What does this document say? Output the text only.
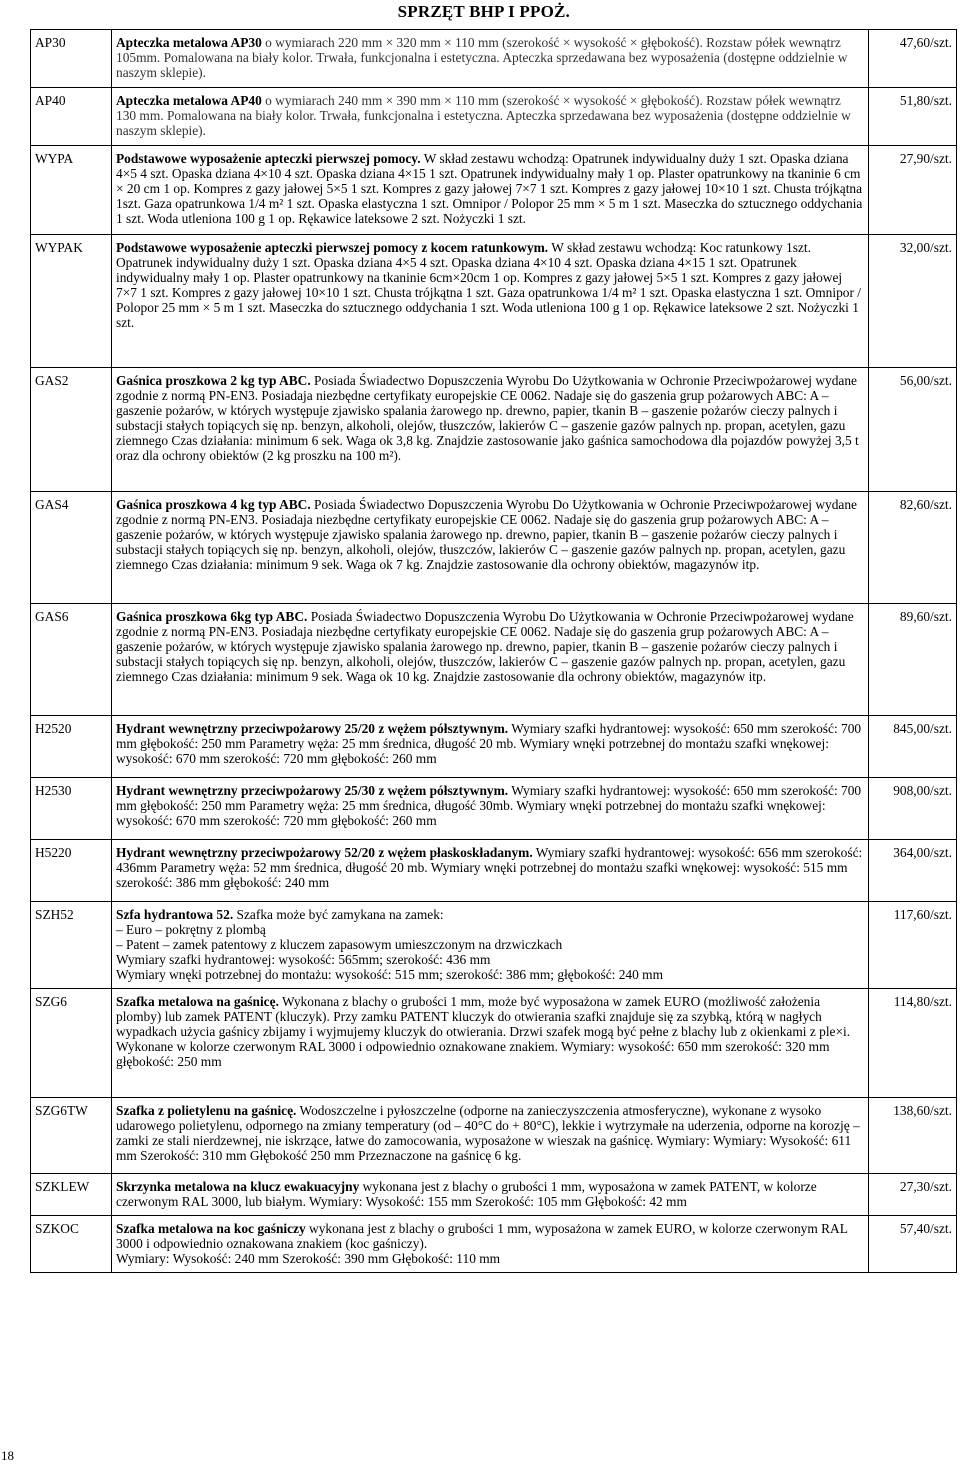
SPRZĘT BHP I PPOŻ.
AP30	Apteczka metalowa AP30 o wymiarach 220 mm × 320 mm × 110 mm (szerokość × wysokość × głębokość). Rozstaw półek wewnątrz 105mm. Pomalowana na biały kolor. Trwała, funkcjonalna i estetyczna. Apteczka sprzedawana bez wyposażenia (dostępne oddzielnie w naszym sklepie).	47,60/szt.
AP40	Apteczka metalowa AP40 o wymiarach 240 mm × 390 mm × 110 mm (szerokość × wysokość × głębokość). Rozstaw półek wewnątrz 130 mm. Pomalowana na biały kolor. Trwała, funkcjonalna i estetyczna. Apteczka sprzedawana bez wyposażenia (dostępne oddzielnie w naszym sklepie).	51,80/szt.
WYPA	Podstawowe wyposażenie apteczki pierwszej pomocy. W skład zestawu wchodzą: Opatrunek indywidualny duży 1 szt. Opaska dziana 4×5 4 szt. Opaska dziana 4×10 4 szt. Opaska dziana 4×15 1 szt. Opatrunek indywidualny mały 1 op. Plaster opatrunkowy na tkaninie 6 cm × 20 cm 1 op. Kompres z gazy jałowej 5×5 1 szt. Kompres z gazy jałowej 7×7 1 szt. Kompres z gazy jałowej 10×10 1 szt. Chusta trójkątna 1szt. Gaza opatrunkowa 1/4 m² 1 szt. Opaska elastyczna 1 szt. Omnipor / Polopor 25 mm × 5 m 1 szt. Maseczka do sztucznego oddychania 1 szt. Woda utleniona 100 g 1 op. Rękawice lateksowe 2 szt. Nożyczki 1 szt.	27,90/szt.
WYPAK	Podstawowe wyposażenie apteczki pierwszej pomocy z kocem ratunkowym. W skład zestawu wchodzą: Koc ratunkowy 1szt. Opatrunek indywidualny duży 1 szt. Opaska dziana 4×5 4 szt. Opaska dziana 4×10 4 szt. Opaska dziana 4×15 1 szt. Opatrunek indywidualny mały 1 op. Plaster opatrunkowy na tkaninie 6cm×20cm 1 op. Kompres z gazy jałowej 5×5 1 szt. Kompres z gazy jałowej 7×7 1 szt. Kompres z gazy jałowej 10×10 1 szt. Chusta trójkątna 1 szt. Gaza opatrunkowa 1/4 m² 1 szt. Opaska elastyczna 1 szt. Omnipor / Polopor 25 mm × 5 m 1 szt. Maseczka do sztucznego oddychania 1 szt. Woda utleniona 100 g 1 op. Rękawice lateksowe 2 szt. Nożyczki 1 szt.	32,00/szt.
GAS2	Gaśnica proszkowa 2 kg typ ABC. Posiada Świadectwo Dopuszczenia Wyrobu Do Użytkowania w Ochronie Przeciwpożarowej wydane zgodnie z normą PN-EN3. Posiadaja niezbędne certyfikaty europejskie CE 0062. Nadaje się do gaszenia grup pożarowych ABC: A – gaszenie pożarów, w których występuje zjawisko spalania żarowego np. drewno, papier, tkanin B – gaszenie pożarów cieczy palnych i substacji stałych topiących się np. benzyn, alkoholi, olejów, tłuszczów, lakierów C – gaszenie gazów palnych np. propan, acetylen, gazu ziemnego Czas działania: minimum 6 sek. Waga ok 3,8 kg. Znajdzie zastosowanie jako gaśnica samochodowa dla pojazdów powyżej 3,5 t oraz dla ochrony obiektów (2 kg proszku na 100 m²).	56,00/szt.
GAS4	Gaśnica proszkowa 4 kg typ ABC. Posiada Świadectwo Dopuszczenia Wyrobu Do Użytkowania w Ochronie Przeciwpożarowej wydane zgodnie z normą PN-EN3. Posiadaja niezbędne certyfikaty europejskie CE 0062. Nadaje się do gaszenia grup pożarowych ABC: A – gaszenie pożarów, w których występuje zjawisko spalania żarowego np. drewno, papier, tkanin B – gaszenie pożarów cieczy palnych i substacji stałych topiących się np. benzyn, alkoholi, olejów, tłuszczów, lakierów C – gaszenie gazów palnych np. propan, acetylen, gazu ziemnego Czas działania: minimum 9 sek. Waga ok 7 kg. Znajdzie zastosowanie dla ochrony obiektów, magazynów itp.	82,60/szt.
GAS6	Gaśnica proszkowa 6kg typ ABC. Posiada Świadectwo Dopuszczenia Wyrobu Do Użytkowania w Ochronie Przeciwpożarowej wydane zgodnie z normą PN-EN3. Posiadaja niezbędne certyfikaty europejskie CE 0062. Nadaje się do gaszenia grup pożarowych ABC: A – gaszenie pożarów, w których występuje zjawisko spalania żarowego np. drewno, papier, tkanin B – gaszenie pożarów cieczy palnych i substacji stałych topiących się np. benzyn, alkoholi, olejów, tłuszczów, lakierów C – gaszenie gazów palnych np. propan, acetylen, gazu ziemnego Czas działania: minimum 9 sek. Waga ok 10 kg. Znajdzie zastosowanie dla ochrony obiektów, magazynów itp.	89,60/szt.
H2520	Hydrant wewnętrzny przeciwpożarowy 25/20 z wężem półsztywnym. Wymiary szafki hydrantowej: wysokość: 650 mm szerokość: 700 mm głębokość: 250 mm Parametry węża: 25 mm średnica, długość 20 mb. Wymiary wnęki potrzebnej do montażu szafki wnękowej: wysokość: 670 mm szerokość: 720 mm głębokość: 260 mm	845,00/szt.
H2530	Hydrant wewnętrzny przeciwpożarowy 25/30 z wężem półsztywnym. Wymiary szafki hydrantowej: wysokość: 650 mm szerokość: 700 mm głębokość: 250 mm Parametry węża: 25 mm średnica, długość 30mb. Wymiary wnęki potrzebnej do montażu szafki wnękowej: wysokość: 670 mm szerokość: 720 mm głębokość: 260 mm	908,00/szt.
H5220	Hydrant wewnętrzny przeciwpożarowy 52/20 z wężem płaskoskładanym. Wymiary szafki hydrantowej: wysokość: 656 mm szerokość: 436mm Parametry węża: 52 mm średnica, długość 20 mb. Wymiary wnęki potrzebnej do montażu szafki wnękowej: wysokość: 515 mm szerokość: 386 mm głębokość: 240 mm	364,00/szt.
SZH52	Szfa hydrantowa 52. Szafka może być zamykana na zamek:
– Euro – pokrętny z plombą
– Patent – zamek patentowy z kluczem zapasowym umieszczonym na drzwiczkach
Wymiary szafki hydrantowej: wysokość: 565mm; szerokość: 436 mm
Wymiary wnęki potrzebnej do montażu: wysokość: 515 mm; szerokość: 386 mm; głębokość: 240 mm	117,60/szt.
SZG6	Szafka metalowa na gaśnicę. Wykonana z blachy o grubości 1 mm, może być wyposażona w zamek EURO (możliwość założenia plomby) lub zamek PATENT (kluczyk). Przy zamku PATENT kluczyk do otwierania szafki znajduje się za szybką, którą w nagłych wypadkach użycia gaśnicy zbijamy i wyjmujemy kluczyk do otwierania. Drzwi szafek mogą być pełne z blachy lub z okienkami z ple×i. Wykonane w kolorze czerwonym RAL 3000 i odpowiednio oznakowane znakiem. Wymiary: wysokość: 650 mm szerokość: 320 mm głębokość: 250 mm	114,80/szt.
SZG6TW	Szafka z polietylenu na gaśnicę. Wodoszczelne i pyłoszczelne (odporne na zanieczyszczenia atmosferyczne), wykonane z wysoko udarowego polietylenu, odpornego na zmiany temperatury (od – 40°C do + 80°C), lekkie i wytrzymałe na uderzenia, odporne na korozję – zamki ze stali nierdzewnej, nie iskrzące, łatwe do zamocowania, wyposażone w wieszak na gaśnicę. Wymiary: Wymiary: Wysokość: 611 mm Szerokość: 310 mm Głębokość 250 mm Przeznaczone na gaśnicę 6 kg.	138,60/szt.
SZKLEW	Skrzynka metalowa na klucz ewakuacyjny wykonana jest z blachy o grubości 1 mm, wyposażona w zamek PATENT, w kolorze czerwonym RAL 3000, lub białym. Wymiary: Wysokość: 155 mm Szerokość: 105 mm Głębokość: 42 mm	27,30/szt.
SZKOC	Szafka metalowa na koc gaśniczy wykonana jest z blachy o grubości 1 mm, wyposażona w zamek EURO, w kolorze czerwonym RAL 3000 i odpowiednio oznakowana znakiem (koc gaśniczy).
Wymiary: Wysokość: 240 mm Szerokość: 390 mm Głębokość: 110 mm	57,40/szt.
18
